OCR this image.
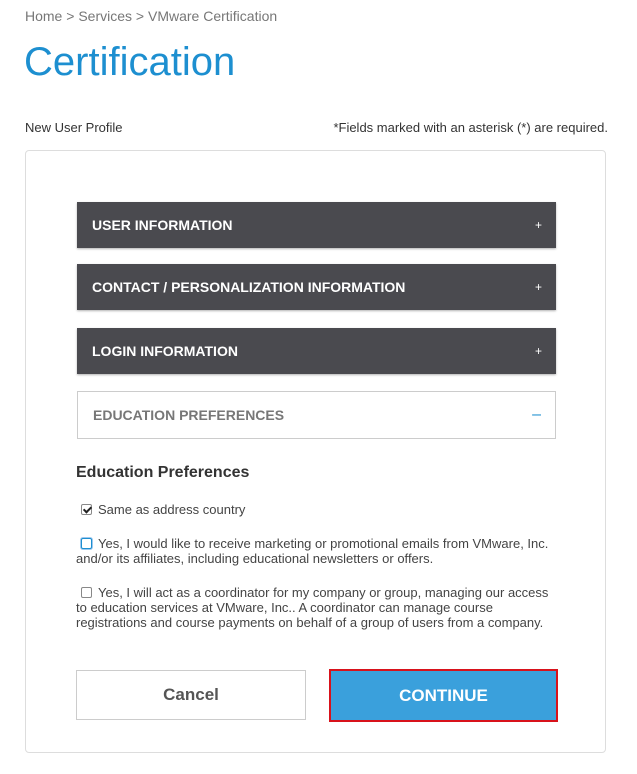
Home > Services > VMware Certification
Certification
New User Profile	*Fields marked with an asterisk (*) are required.
USER INFORMATION	+
CONTACT / PERSONALIZATION INFORMATION	+
LOGIN INFORMATION	+
EDUCATION PREFERENCES	–
Education Preferences
Same as address country
Yes, I would like to receive marketing or promotional emails from VMware, Inc. and/or its affiliates, including educational newsletters or offers.
Yes, I will act as a coordinator for my company or group, managing our access to education services at VMware, Inc.. A coordinator can manage course registrations and course payments on behalf of a group of users from a company.
Cancel	CONTINUE
